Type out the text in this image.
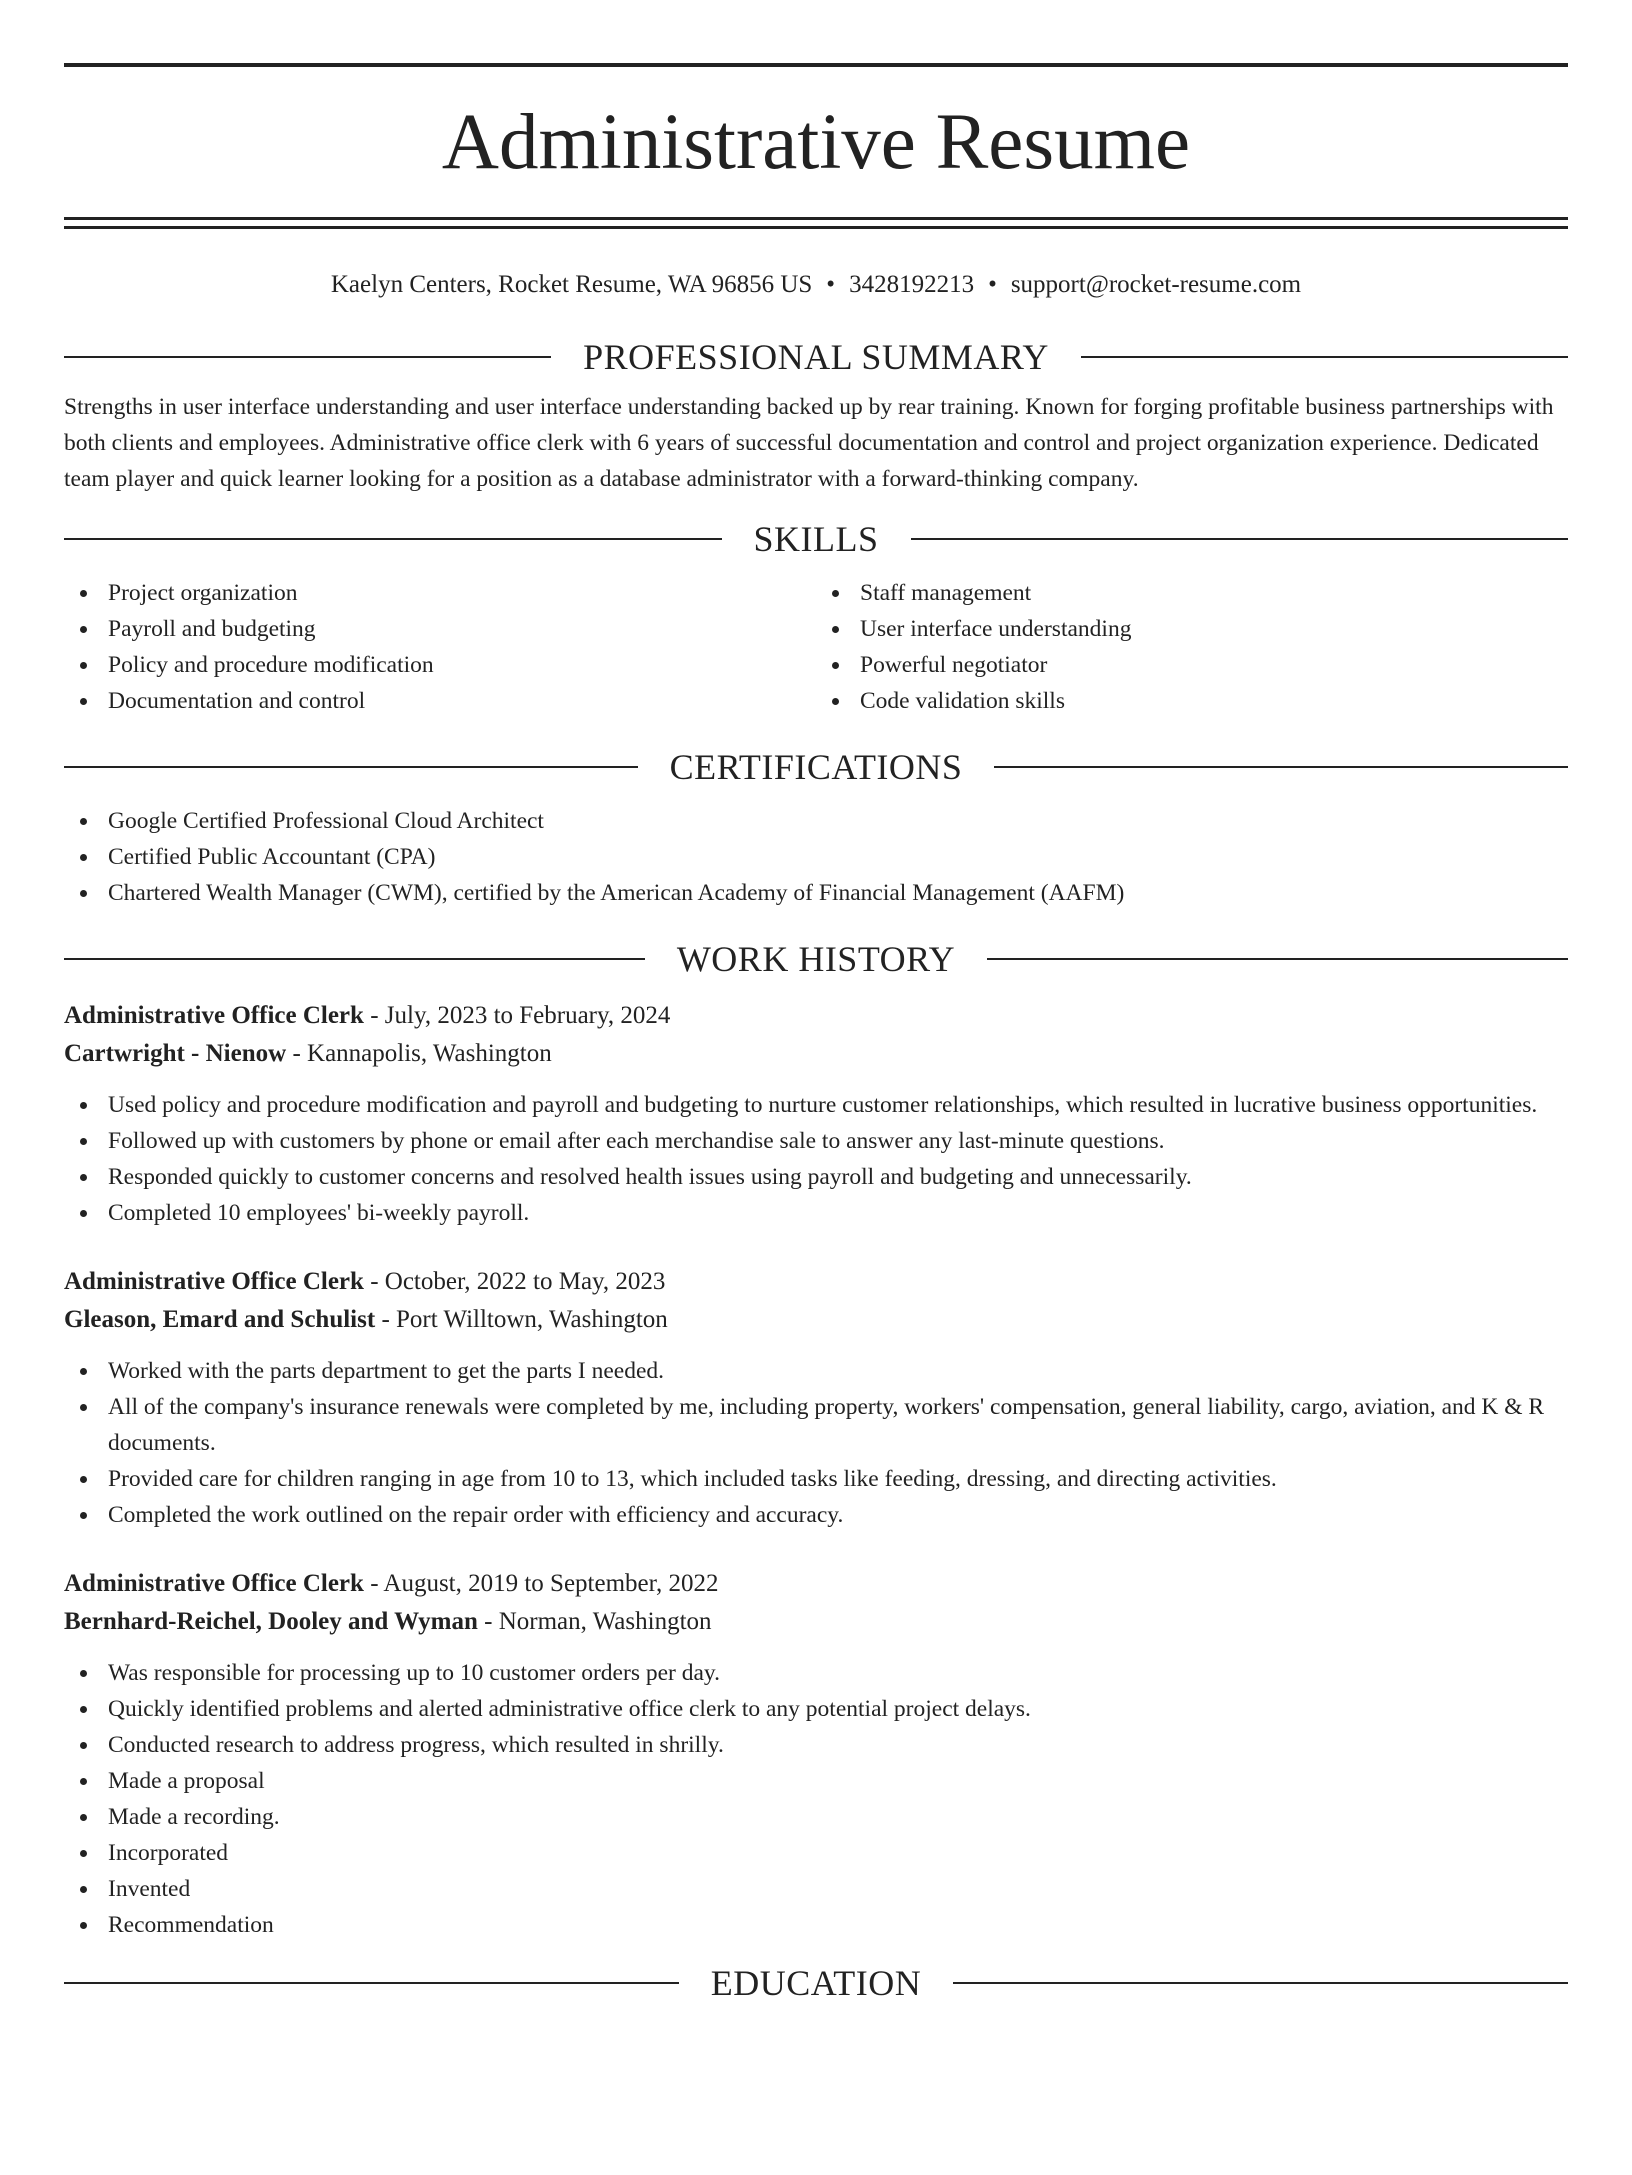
Administrative Resume
Kaelyn Centers, Rocket Resume, WA 96856 US • 3428192213 • support@rocket-resume.com
PROFESSIONAL SUMMARY
Strengths in user interface understanding and user interface understanding backed up by rear training. Known for forging profitable business partnerships with both clients and employees. Administrative office clerk with 6 years of successful documentation and control and project organization experience. Dedicated team player and quick learner looking for a position as a database administrator with a forward-thinking company.
SKILLS
Project organization
Payroll and budgeting
Policy and procedure modification
Documentation and control
Staff management
User interface understanding
Powerful negotiator
Code validation skills
CERTIFICATIONS
Google Certified Professional Cloud Architect
Certified Public Accountant (CPA)
Chartered Wealth Manager (CWM), certified by the American Academy of Financial Management (AAFM)
WORK HISTORY
Administrative Office Clerk - July, 2023 to February, 2024
Cartwright - Nienow - Kannapolis, Washington
Used policy and procedure modification and payroll and budgeting to nurture customer relationships, which resulted in lucrative business opportunities.
Followed up with customers by phone or email after each merchandise sale to answer any last-minute questions.
Responded quickly to customer concerns and resolved health issues using payroll and budgeting and unnecessarily.
Completed 10 employees' bi-weekly payroll.
Administrative Office Clerk - October, 2022 to May, 2023
Gleason, Emard and Schulist - Port Willtown, Washington
Worked with the parts department to get the parts I needed.
All of the company's insurance renewals were completed by me, including property, workers' compensation, general liability, cargo, aviation, and K & R documents.
Provided care for children ranging in age from 10 to 13, which included tasks like feeding, dressing, and directing activities.
Completed the work outlined on the repair order with efficiency and accuracy.
Administrative Office Clerk - August, 2019 to September, 2022
Bernhard-Reichel, Dooley and Wyman - Norman, Washington
Was responsible for processing up to 10 customer orders per day.
Quickly identified problems and alerted administrative office clerk to any potential project delays.
Conducted research to address progress, which resulted in shrilly.
Made a proposal
Made a recording.
Incorporated
Invented
Recommendation
EDUCATION
